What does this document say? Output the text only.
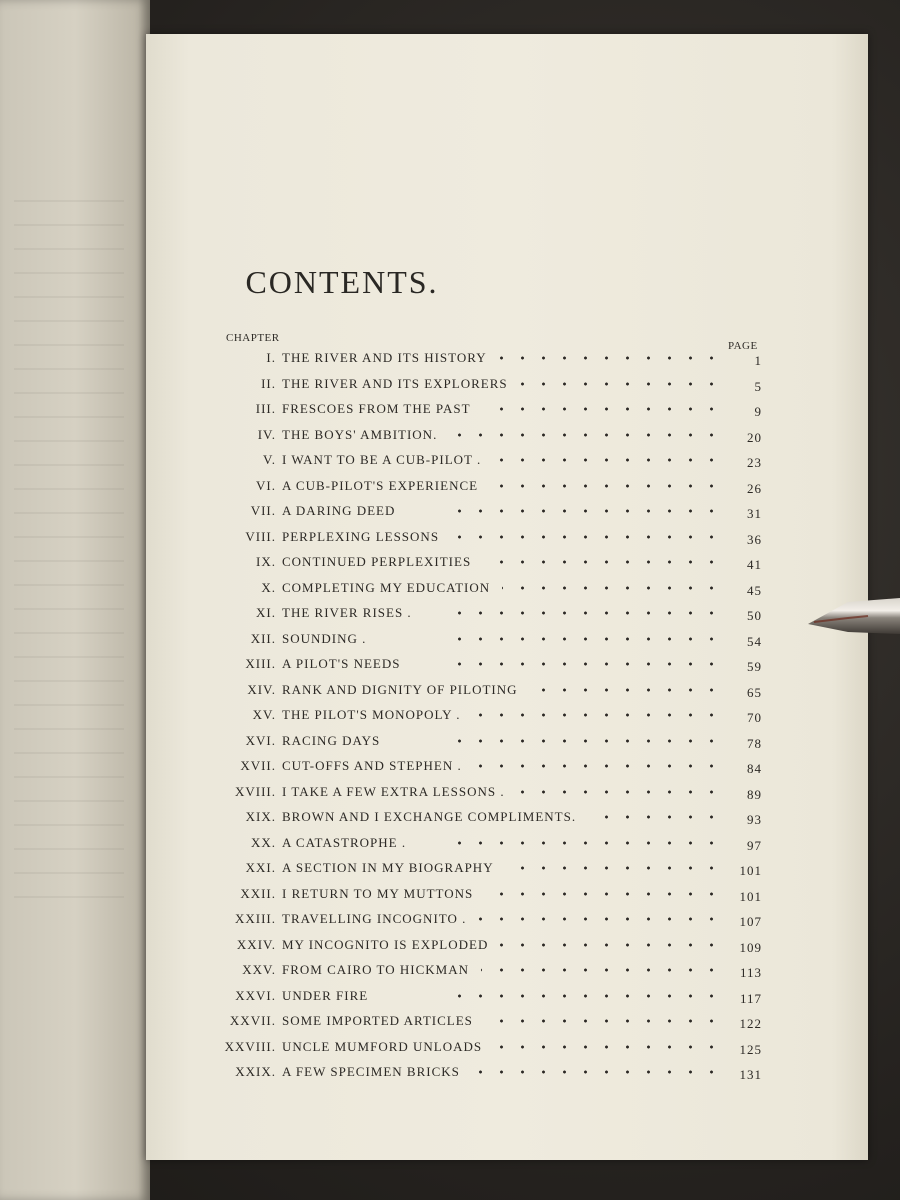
CONTENTS.
CHAPTER
PAGE
I. THE RIVER AND ITS HISTORY	1
II. THE RIVER AND ITS EXPLORERS	5
III. FRESCOES FROM THE PAST	9
IV. THE BOYS' AMBITION.	20
V. I WANT TO BE A CUB-PILOT .	23
VI. A CUB-PILOT'S EXPERIENCE	26
VII. A DARING DEED	31
VIII. PERPLEXING LESSONS	36
IX. CONTINUED PERPLEXITIES	41
X. COMPLETING MY EDUCATION	45
XI. THE RIVER RISES .	50
XII. SOUNDING .	54
XIII. A PILOT'S NEEDS	59
XIV. RANK AND DIGNITY OF PILOTING	65
XV. THE PILOT'S MONOPOLY .	70
XVI. RACING DAYS	78
XVII. CUT-OFFS AND STEPHEN .	84
XVIII. I TAKE A FEW EXTRA LESSONS .	89
XIX. BROWN AND I EXCHANGE COMPLIMENTS.	93
XX. A CATASTROPHE .	97
XXI. A SECTION IN MY BIOGRAPHY	101
XXII. I RETURN TO MY MUTTONS	101
XXIII. TRAVELLING INCOGNITO .	107
XXIV. MY INCOGNITO IS EXPLODED	109
XXV. FROM CAIRO TO HICKMAN	113
XXVI. UNDER FIRE	117
XXVII. SOME IMPORTED ARTICLES	122
XXVIII. UNCLE MUMFORD UNLOADS	125
XXIX. A FEW SPECIMEN BRICKS	131
